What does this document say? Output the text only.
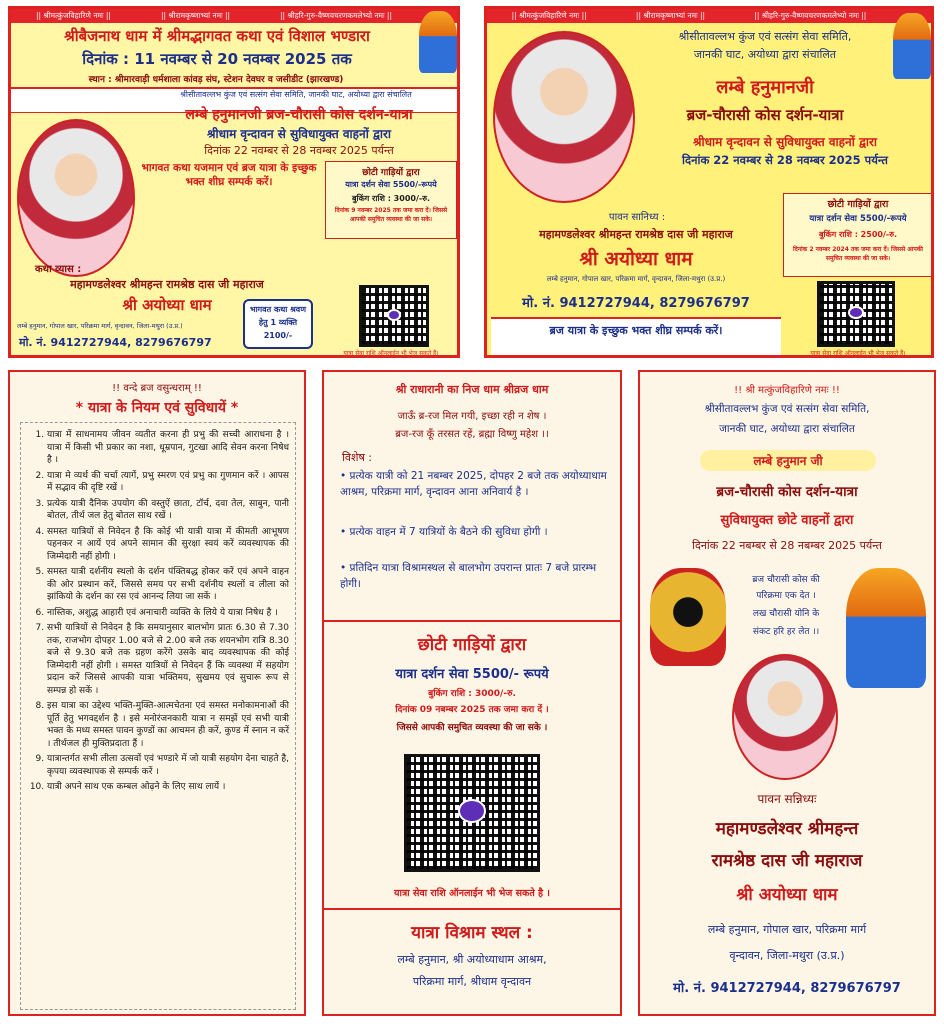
|| श्रीमत्कुंजविहारिणे नमः ||	|| श्रीरामकृष्णाभ्यां नमः ||	|| श्रीहरि-गुरु-वैष्णवचरणकमलेभ्यो नमः ||
श्रीबैजनाथ धाम में श्रीमद्भागवत कथा एवं विशाल भण्डारा
दिनांक : 11 नवम्बर से 20 नवम्बर 2025 तक
स्थान : श्रीमारवाड़ी धर्मशाला कांवड़ संघ, स्टेशन देवघर व जसीडीट (झारखण्ड)
श्रीसीतावल्लभ कुंज एवं सत्संग सेवा समिति, जानकी घाट, अयोध्या द्वारा संचालित
लम्बे हनुमानजी ब्रज-चौरासी कोस दर्शन-यात्रा
श्रीधाम वृन्दावन से सुविधायुक्त वाहनों द्वारा
दिनांक 22 नवम्बर से 28 नवम्बर 2025 पर्यन्त
भागवत कथा यजमान एवं ब्रज यात्रा के इच्छुक भक्त शीघ्र सम्पर्क करें।
छोटी गाड़ियों द्वारा
यात्रा दर्शन सेवा 5500/-रूपये
बुकिंग राशि : 3000/-रु.
दिनांक 9 नवम्बर 2025 तक जमा करा दें। जिससे आपकी समुचित व्यवस्था की जा सके।
कथा व्यास :
महामण्डलेश्वर श्रीमहन्त रामश्रेष्ठ दास जी महाराज
श्री अयोध्या धाम	भागवत कथा श्रवण हेतु 1 व्यक्ति 2100/-
लम्बे हनुमान, गोपाल खार, परिक्रमा मार्ग, वृन्दावन, जिला-मथुरा (उ.प्र.)
मो. नं. 9412727944, 8279676797
यात्रा सेवा राशि ऑनलाईन भी भेज सकते हैं।
|| श्रीमत्कुंजविहारिणे नमः ||	|| श्रीरामकृष्णाभ्यां नमः ||	|| श्रीहरि-गुरु-वैष्णवचरणकमलेभ्यो नमः ||
श्रीसीतावल्लभ कुंज एवं सत्संग सेवा समिति,
जानकी घाट, अयोध्या द्वारा संचालित
लम्बे हनुमानजी
ब्रज-चौरासी कोस दर्शन-यात्रा
श्रीधाम वृन्दावन से सुविधायुक्त वाहनों द्वारा
दिनांक 22 नवम्बर से 28 नवम्बर 2025 पर्यन्त
पावन सानिध्य :
महामण्डलेश्वर श्रीमहन्त रामश्रेष्ठ दास जी महाराज
श्री अयोध्या धाम
लम्बे हनुमान, गोपाल खार, परिक्रमा मार्ग, वृन्दावन, जिला-मथुरा (उ.प्र.)
मो. नं. 9412727944, 8279676797
ब्रज यात्रा के इच्छुक भक्त शीघ्र सम्पर्क करें।
छोटी गाड़ियों द्वारा
यात्रा दर्शन सेवा 5500/-रूपये
बुकिंग राशि : 2500/-रु.
दिनांक 2 नवम्बर 2024 तक जमा करा दें। जिससे आपकी समुचित व्यवस्था की जा सके।
यात्रा सेवा राशि ऑनलाईन भी भेज सकते हैं।
!! वन्दे ब्रज वसुन्धराम् !!
* यात्रा के नियम एवं सुविधायें *
1. यात्रा में साधनामय जीवन व्यतीत करना ही प्रभु की सच्ची आराधना है । यात्रा में किसी भी प्रकार का नशा, धूम्रपान, गुटखा आदि सेवन करना निषेध है ।
2. यात्रा मे व्यर्थ की चर्चा त्यागें, प्रभु स्मरण एवं प्रभु का गुणमान करें । आपस में सद्भाव की दृष्टि रखें ।
3. प्रत्येक यात्री दैनिक उपयोग की वस्तुऐं छाता, टॉर्च, दवा तेल, साबुन, पानी बोतल, तीर्थ जल हेतु बोतल साथ रखें ।
4. समस्त यात्रियों से निवेदन है कि कोई भी यात्री यात्रा में कीमती आभूषण पहनकर न आयें एवं अपने सामान की सुरक्षा स्वयं करें व्यवस्थापक की जिम्मेदारी नहीं होगी ।
5. समस्त यात्री दर्शनीय स्थलो के दर्शन पंक्तिबद्ध होकर करें एवं अपने वाहन की ओर प्रस्थान करें, जिससे समय पर सभी दर्शनीय स्थलों व लीला को झांकियो के दर्शन का रस एवं आनन्द लिया जा सकें ।
6. नास्तिक, अशुद्ध आहारी एवं अनाचारी व्यक्ति के लिये ये यात्रा निषेध है ।
7. सभी यात्रियों से निवेदन है कि समयानुसार बालभोग प्रातः 6.30 से 7.30 तक, राजभोग दोपहर 1.00 बजे से 2.00 बजे तक शयनभोग रात्रि 8.30 बजे से 9.30 बजे तक ग्रहण करेंगे उसके बाद व्यवस्थापक की कोई जिम्मेदारी नहीं होगी । समस्त यात्रियों से निवेदन हैं कि व्यवस्था में सहयोग प्रदान करें जिससे आपकी यात्रा भक्तिमय, सुखमय एवं सुचारू रूप से सम्पन्न हो सकें ।
8. इस यात्रा का उद्देश्य भक्ति-मुक्ति-आत्मचेतना एवं समस्त मनोकामनाओं की पूर्ति हेतु भगवद्दर्शन है । इसे मनोरंजनकारी यात्रा न समझें एवं सभी यात्री भक्त के मध्य समस्त पावन कुण्डों का आचमन ही करें, कुण्ड में स्नान न करें । तीर्थजल ही मुक्तिप्रदाता हैं ।
9. यात्रान्तर्गत सभी लीला उत्सवों एवं भण्डारे में जो यात्री सहयोग देना चाहते है, कृपया व्यवस्थापक से सम्पर्क करें ।
10. यात्री अपने साथ एक कम्बल ओढ़ने के लिए साथ लायें ।
श्री राधारानी का निज धाम श्रीव्रज धाम
जाऊँ ब्र-रज मिल गयी, इच्छा रही न शेष ।
ब्रज-रज कूँ तरसत रहें, ब्रह्मा विष्णु महेश ।।
विशेष :
• प्रत्येक यात्री को 21 नबम्बर 2025, दोपहर 2 बजे तक अयोध्याधाम आश्रम, परिक्रमा मार्ग, वृन्दावन आना अनिवार्य है ।
• प्रत्येक वाहन में 7 यात्रियों के बैठने की सुविधा होगी ।
• प्रतिदिन यात्रा विश्रामस्थल से बालभोग उपरान्त प्रातः 7 बजे प्रारम्भ होगी।
छोटी गाड़ियों द्वारा
यात्रा दर्शन सेवा 5500/- रूपये
बुकिंग राशि : 3000/-रु.
दिनांक 09 नबम्बर 2025 तक जमा करा दें ।
जिससे आपकी समुचित व्यवस्था की जा सके ।
यात्रा सेवा राशि ऑनलाईन भी भेज सकते है ।
यात्रा विश्राम स्थल :
लम्बे हनुमान, श्री अयोध्याधाम आश्रम,
परिक्रमा मार्ग, श्रीधाम वृन्दावन
!! श्री मत्कुंजविहारिणे नमः !!
श्रीसीतावल्लभ कुंज एवं सत्संग सेवा समिति,
जानकी घाट, अयोध्या द्वारा संचालित
लम्बे हनुमान जी
ब्रज-चौरासी कोस दर्शन-यात्रा
सुविधायुक्त छोटे वाहनों द्वारा
दिनांक 22 नबम्बर से 28 नबम्बर 2025 पर्यन्त
ब्रज चौरासी कोस की
परिक्रमा एक देत ।
लख चौरासी योनि के
संकट हरि हर लेत ।।
पावन सन्निध्यः
महामण्डलेश्वर श्रीमहन्त
रामश्रेष्ठ दास जी महाराज
श्री अयोध्या धाम
लम्बे हनुमान, गोपाल खार, परिक्रमा मार्ग
वृन्दावन, जिला-मथुरा (उ.प्र.)
मो. नं. 9412727944, 8279676797
